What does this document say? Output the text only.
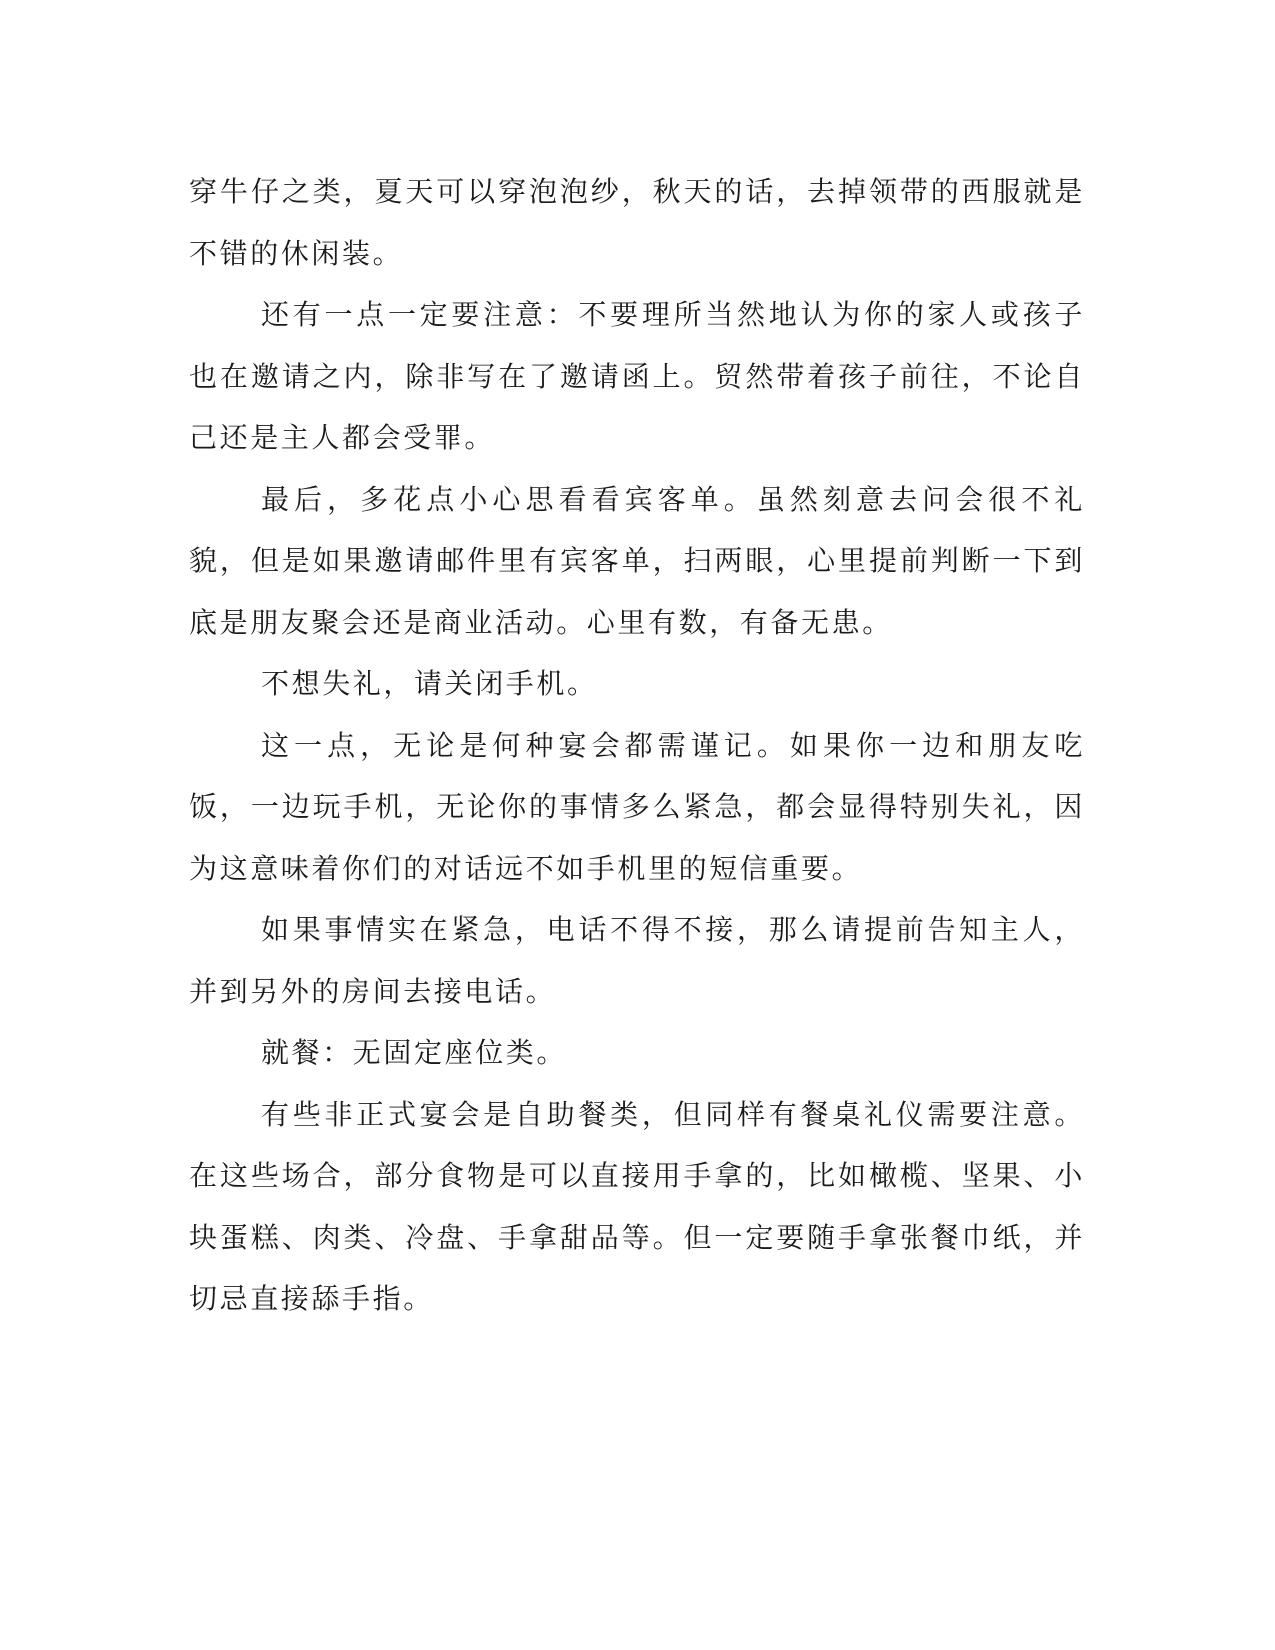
穿牛仔之类，夏天可以穿泡泡纱，秋天的话，去掉领带的西服就是不错的休闲装。

还有一点一定要注意：不要理所当然地认为你的家人或孩子也在邀请之内，除非写在了邀请函上。贸然带着孩子前往，不论自己还是主人都会受罪。

最后，多花点小心思看看宾客单。虽然刻意去问会很不礼貌，但是如果邀请邮件里有宾客单，扫两眼，心里提前判断一下到底是朋友聚会还是商业活动。心里有数，有备无患。

不想失礼，请关闭手机。

这一点，无论是何种宴会都需谨记。如果你一边和朋友吃饭，一边玩手机，无论你的事情多么紧急，都会显得特别失礼，因为这意味着你们的对话远不如手机里的短信重要。

如果事情实在紧急，电话不得不接，那么请提前告知主人，并到另外的房间去接电话。

就餐：无固定座位类。

有些非正式宴会是自助餐类，但同样有餐桌礼仪需要注意。在这些场合，部分食物是可以直接用手拿的，比如橄榄、坚果、小块蛋糕、肉类、冷盘、手拿甜品等。但一定要随手拿张餐巾纸，并切忌直接舔手指。
